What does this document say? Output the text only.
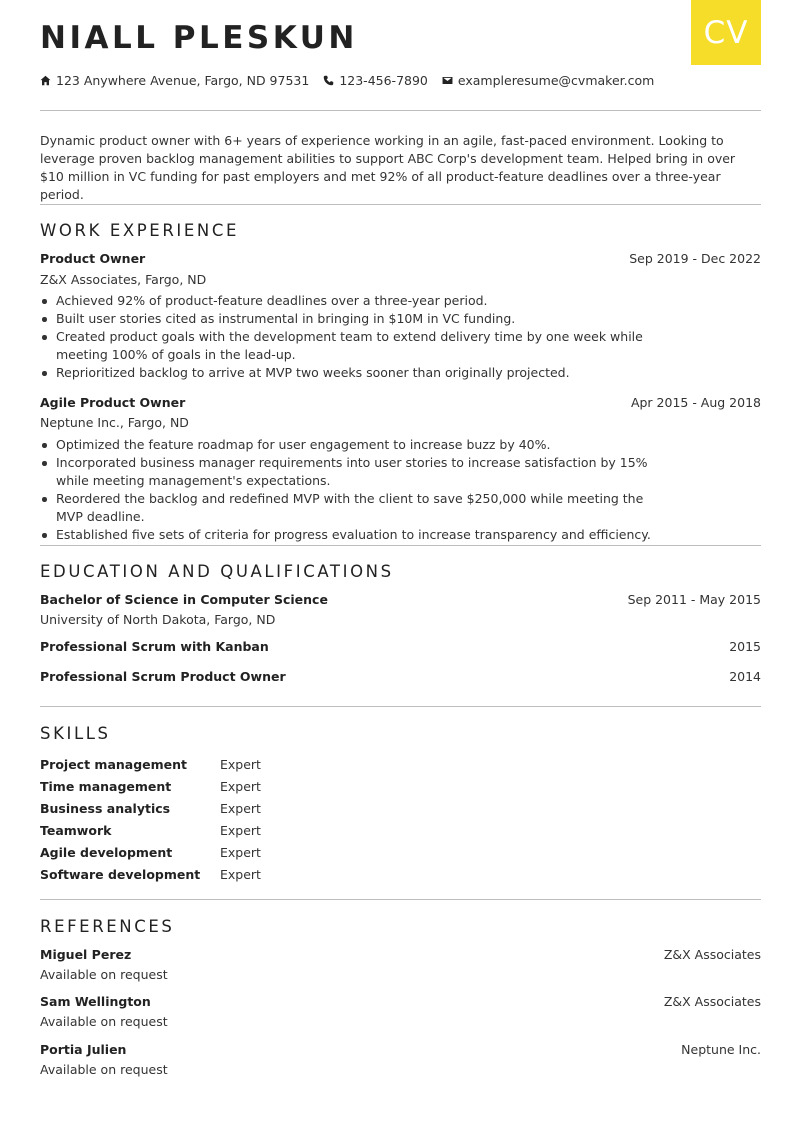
NIALL PLESKUN	CV
123 Anywhere Avenue, Fargo, ND 97531 123-456-7890 exampleresume@cvmaker.com

Dynamic product owner with 6+ years of experience working in an agile, fast-paced environment. Looking to leverage proven backlog management abilities to support ABC Corp's development team. Helped bring in over $10 million in VC funding for past employers and met 92% of all product-feature deadlines over a three-year period.

WORK EXPERIENCE
Product Owner	Sep 2019 - Dec 2022
Z&X Associates, Fargo, ND
Achieved 92% of product-feature deadlines over a three-year period.
Built user stories cited as instrumental in bringing in $10M in VC funding.
Created product goals with the development team to extend delivery time by one week while meeting 100% of goals in the lead-up.
Reprioritized backlog to arrive at MVP two weeks sooner than originally projected.
Agile Product Owner	Apr 2015 - Aug 2018
Neptune Inc., Fargo, ND
Optimized the feature roadmap for user engagement to increase buzz by 40%.
Incorporated business manager requirements into user stories to increase satisfaction by 15% while meeting management's expectations.
Reordered the backlog and redefined MVP with the client to save $250,000 while meeting the MVP deadline.
Established five sets of criteria for progress evaluation to increase transparency and efficiency.
EDUCATION AND QUALIFICATIONS
Bachelor of Science in Computer Science	Sep 2011 - May 2015
University of North Dakota, Fargo, ND
Professional Scrum with Kanban	2015
Professional Scrum Product Owner	2014
SKILLS
Project management	Expert
Time management	Expert
Business analytics	Expert
Teamwork	Expert
Agile development	Expert
Software development	Expert
REFERENCES
Miguel Perez	Z&X Associates
Available on request
Sam Wellington	Z&X Associates
Available on request
Portia Julien	Neptune Inc.
Available on request
